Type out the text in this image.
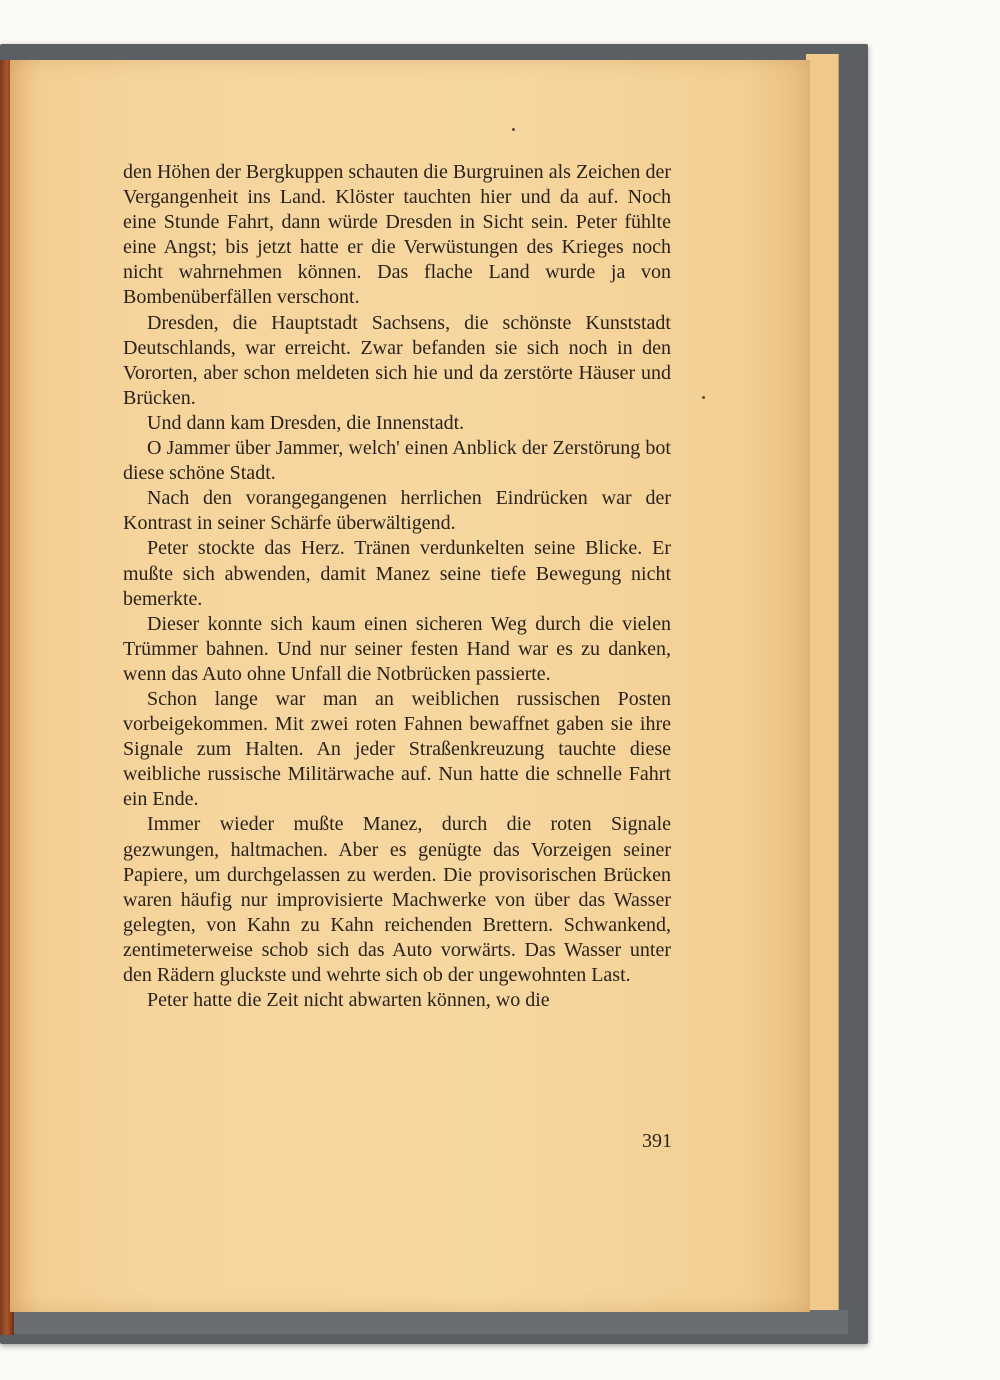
den Höhen der Bergkuppen schauten die Burgruinen als Zeichen der Vergangenheit ins Land. Klöster tauchten hier und da auf. Noch eine Stunde Fahrt, dann würde Dresden in Sicht sein. Peter fühlte eine Angst; bis jetzt hatte er die Verwüstungen des Krieges noch nicht wahrnehmen können. Das flache Land wurde ja von Bombenüberfällen verschont.

Dresden, die Hauptstadt Sachsens, die schönste Kunststadt Deutschlands, war erreicht. Zwar befanden sie sich noch in den Vororten, aber schon meldeten sich hie und da zerstörte Häuser und Brücken.

Und dann kam Dresden, die Innenstadt.

O Jammer über Jammer, welch' einen Anblick der Zerstörung bot diese schöne Stadt.

Nach den vorangegangenen herrlichen Eindrücken war der Kontrast in seiner Schärfe überwältigend.

Peter stockte das Herz. Tränen verdunkelten seine Blicke. Er mußte sich abwenden, damit Manez seine tiefe Bewegung nicht bemerkte.

Dieser konnte sich kaum einen sicheren Weg durch die vielen Trümmer bahnen. Und nur seiner festen Hand war es zu danken, wenn das Auto ohne Unfall die Notbrücken passierte.

Schon lange war man an weiblichen russischen Posten vorbeigekommen. Mit zwei roten Fahnen bewaffnet gaben sie ihre Signale zum Halten. An jeder Straßenkreuzung tauchte diese weibliche russische Militärwache auf. Nun hatte die schnelle Fahrt ein Ende.

Immer wieder mußte Manez, durch die roten Signale gezwungen, haltmachen. Aber es genügte das Vorzeigen seiner Papiere, um durchgelassen zu werden. Die provisorischen Brücken waren häufig nur improvisierte Machwerke von über das Wasser gelegten, von Kahn zu Kahn reichenden Brettern. Schwankend, zentimeterweise schob sich das Auto vorwärts. Das Wasser unter den Rädern gluckste und wehrte sich ob der ungewohnten Last.

Peter hatte die Zeit nicht abwarten können, wo die

391
